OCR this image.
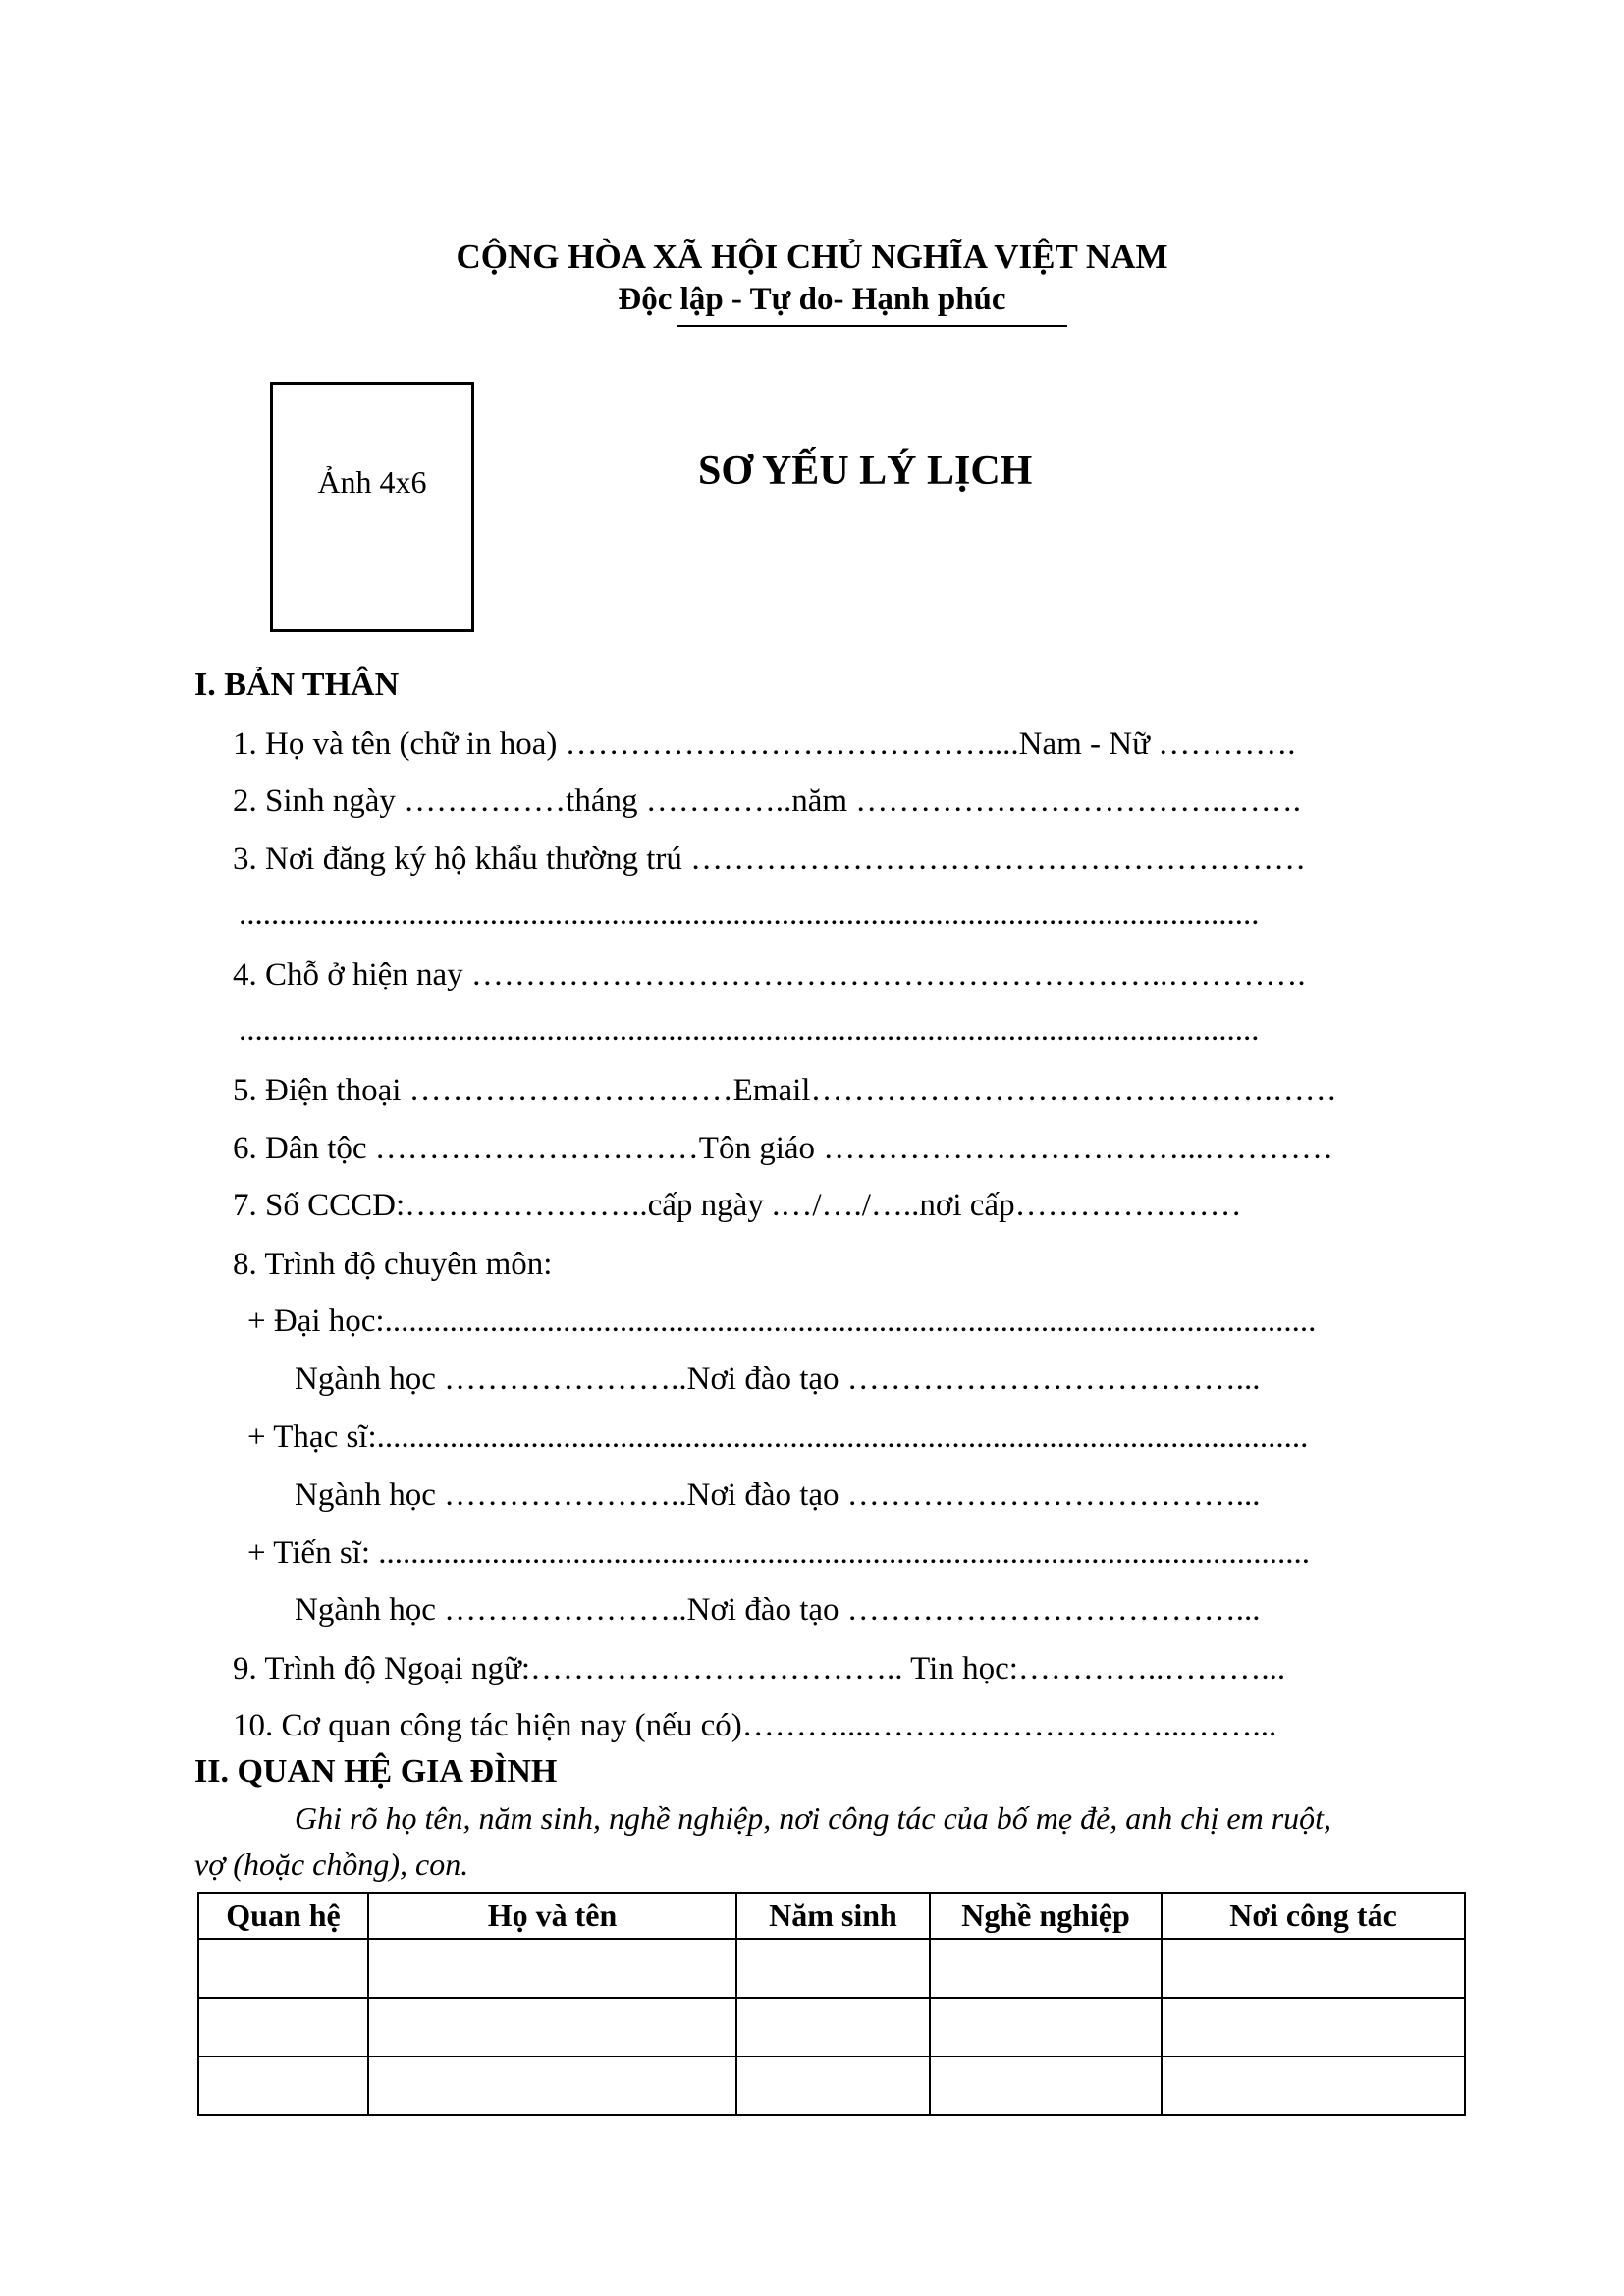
CỘNG HÒA XÃ HỘI CHỦ NGHĨA VIỆT NAM
Độc lập - Tự do- Hạnh phúc
Ảnh 4x6	SƠ YẾU LÝ LỊCH
I. BẢN THÂN
1. Họ và tên (chữ in hoa) …………………………………....Nam - Nữ ………….
2. Sinh ngày ……………tháng …………..năm ……………………………..…….
3. Nơi đăng ký hộ khẩu thường trú …………………………………………………
..............................................................................................................................
4. Chỗ ở hiện nay ………………………………………………………..………….
..............................................................................................................................
5. Điện thoại …………………………Email…………………………………….……
6. Dân tộc …………………………Tôn giáo ……………………………...…………
7. Số CCCD:…………………..cấp ngày .…/…./…..nơi cấp…………………
8. Trình độ chuyên môn:
+ Đại học:...................................................................................................................
Ngành học …………………..Nơi đào tạo ………………………………...
+ Thạc sĩ:...................................................................................................................
Ngành học …………………..Nơi đào tạo ………………………………...
+ Tiến sĩ: ...................................................................................................................
Ngành học …………………..Nơi đào tạo ………………………………...
9. Trình độ Ngoại ngữ:…………………………….. Tin học:…………..………...
10. Cơ quan công tác hiện nay (nếu có)………....………………………...……...
II. QUAN HỆ GIA ĐÌNH
Ghi rõ họ tên, năm sinh, nghề nghiệp, nơi công tác của bố mẹ đẻ, anh chị em ruột,
vợ (hoặc chồng), con.
Quan hệ	Họ và tên	Năm sinh	Nghề nghiệp	Nơi công tác
